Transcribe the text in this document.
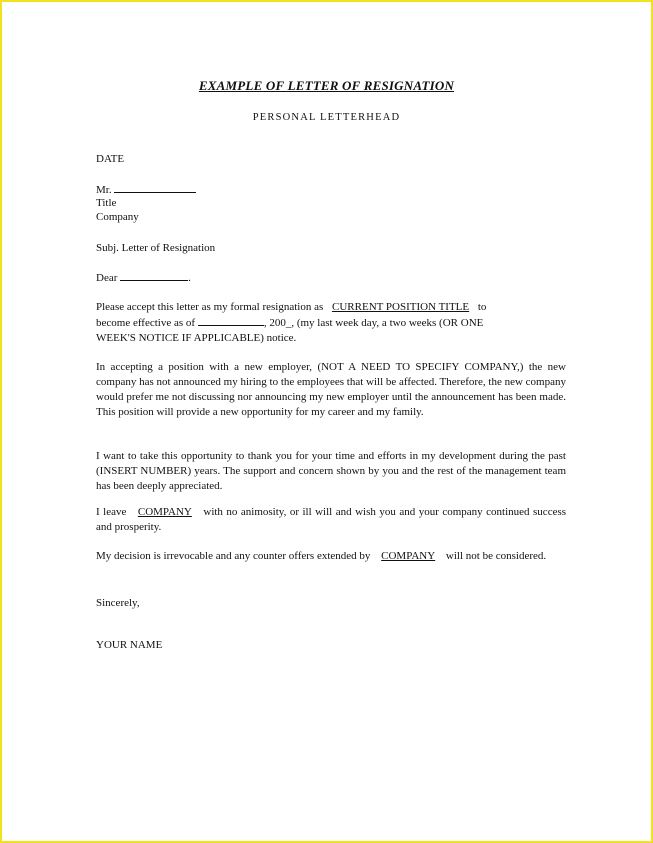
EXAMPLE OF LETTER OF RESIGNATION
PERSONAL LETTERHEAD
DATE
Mr.
Title
Company
Subj. Letter of Resignation
Dear	.
Please accept this letter as my formal resignation as CURRENT POSITION TITLE to
become effective as of	, 200_, (my last week day, a two weeks (OR ONE
WEEK'S NOTICE IF APPLICABLE) notice.
In accepting a position with a new employer, (NOT A NEED TO SPECIFY COMPANY,) the new company has not announced my hiring to the employees that will be affected. Therefore, the new company would prefer me not discussing nor announcing my new employer until the announcement has been made. This position will provide a new opportunity for my career and my family.
I want to take this opportunity to thank you for your time and efforts in my development during the past (INSERT NUMBER) years. The support and concern shown by you and the rest of the management team has been deeply appreciated.
I leave COMPANY with no animosity, or ill will and wish you and your company continued success and prosperity.
My decision is irrevocable and any counter offers extended by COMPANY will not be considered.
Sincerely,
YOUR NAME
